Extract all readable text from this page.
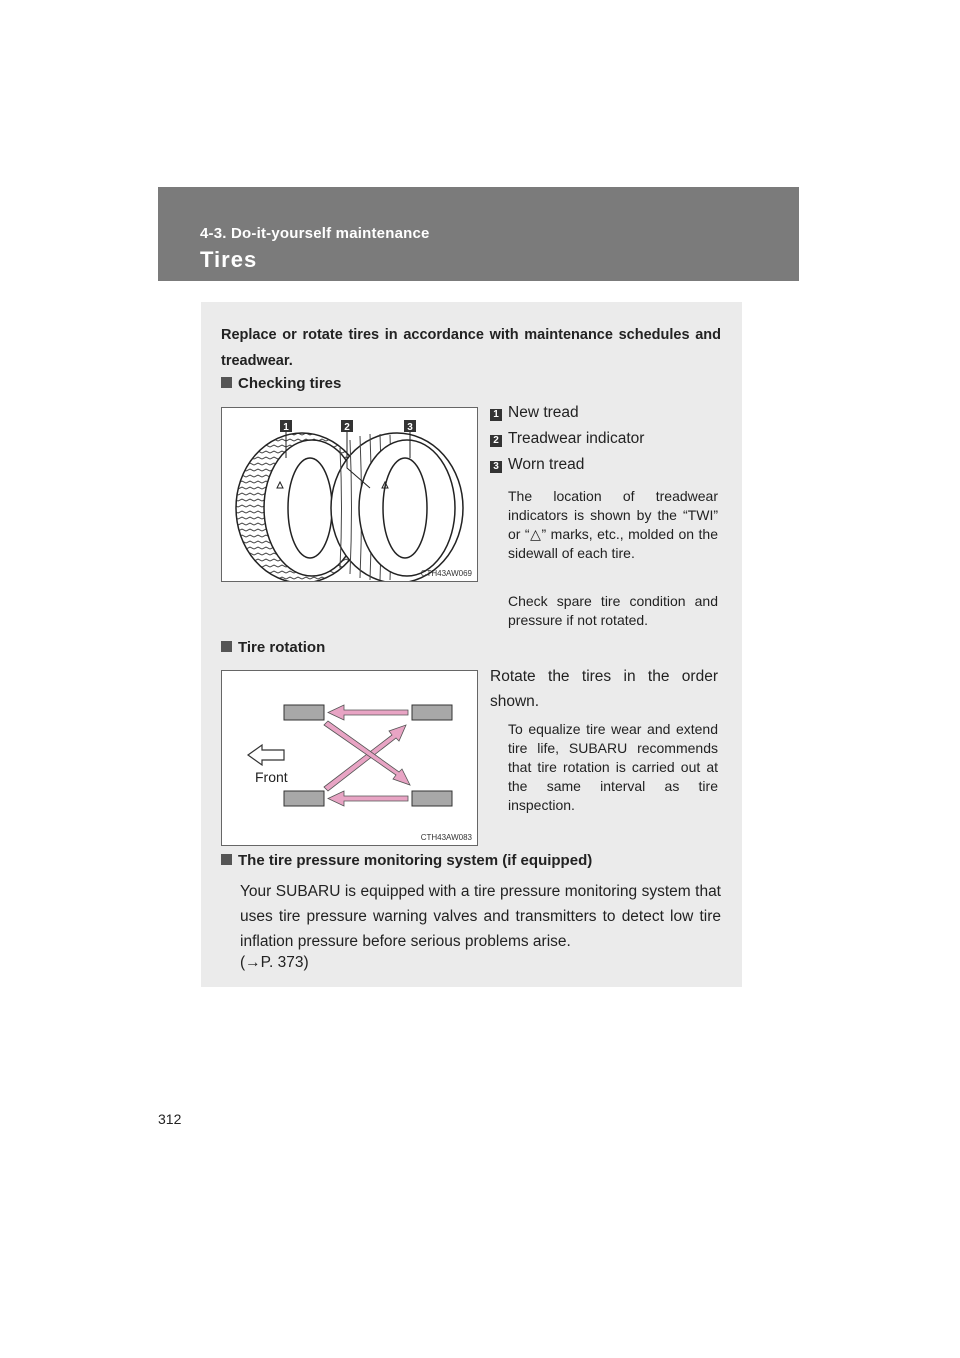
4-3. Do-it-yourself maintenance
Tires
Replace or rotate tires in accordance with maintenance schedules and treadwear.
Checking tires
1	2	3
CTH43AW069
1 New tread
2 Treadwear indicator
3 Worn tread
The location of treadwear indicators is shown by the “TWI” or “△” marks, etc., molded on the sidewall of each tire.
Check spare tire condition and pressure if not rotated.
Tire rotation
Front
CTH43AW083
Rotate the tires in the order shown.
To equalize tire wear and extend tire life, SUBARU recommends that tire rotation is carried out at the same interval as tire inspection.
The tire pressure monitoring system (if equipped)
Your SUBARU is equipped with a tire pressure monitoring system that uses tire pressure warning valves and transmitters to detect low tire inflation pressure before serious problems arise.
(→P. 373)
312
